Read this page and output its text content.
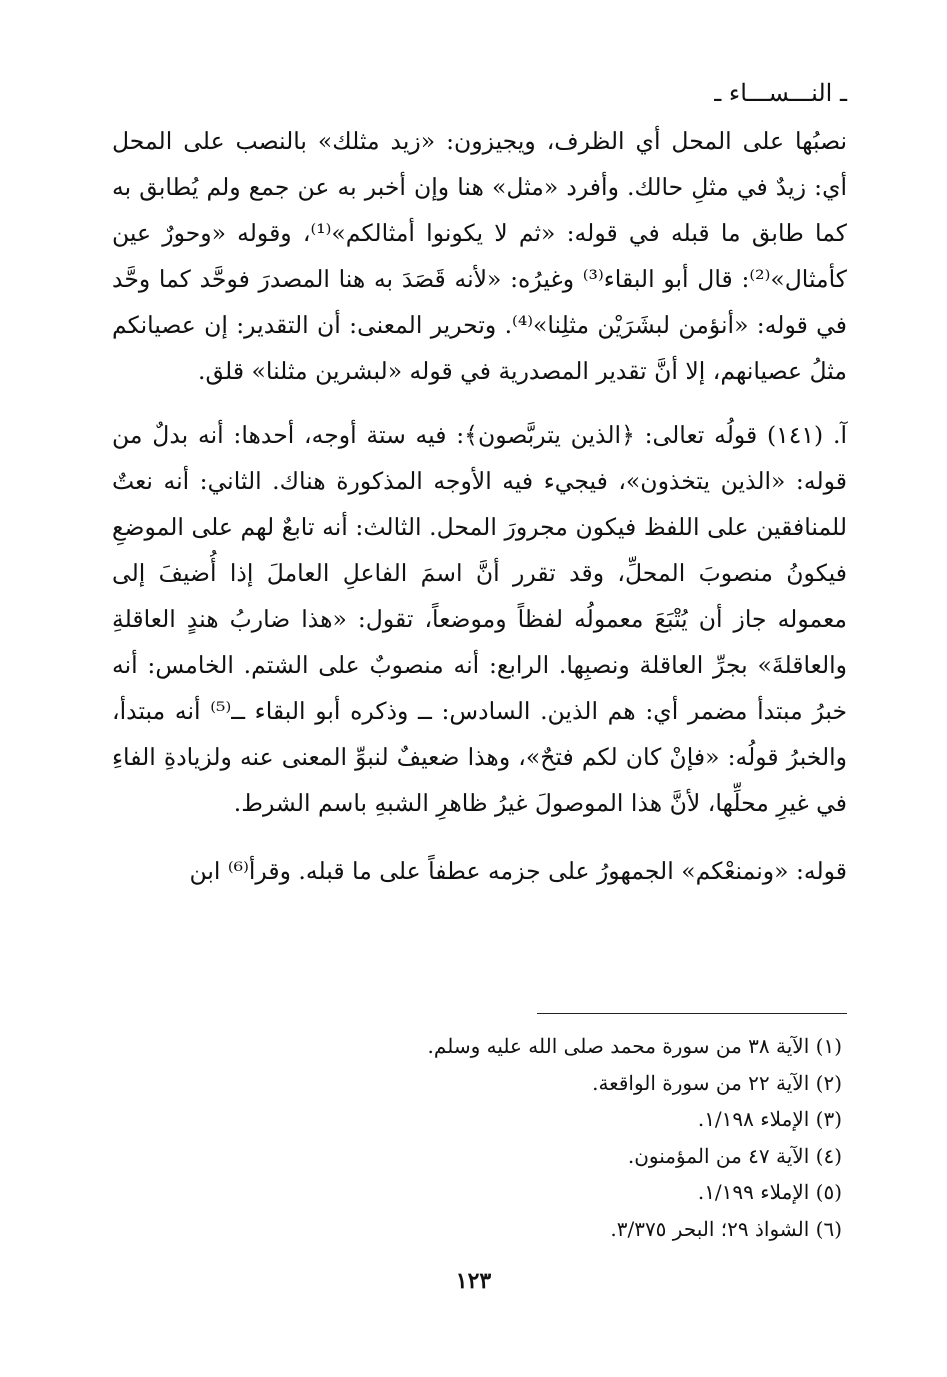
ـ النـــســـاء ـ

نصبُها على المحل أي الظرف، ويجيزون: «زيد مثلك» بالنصب على المحل أي: زيدٌ في مثلِ حالك. وأفرد «مثل» هنا وإن أخبر به عن جمع ولم يُطابق به كما طابق ما قبله في قوله: «ثم لا يكونوا أمثالكم»⁽¹⁾، وقوله «وحورٌ عين كأمثال»⁽²⁾: قال أبو البقاء⁽³⁾ وغيرُه: «لأنه قَصَدَ به هنا المصدرَ فوحَّد كما وحَّد في قوله: «أنؤمن لبشَرَيْن مثلِنا»⁽⁴⁾. وتحرير المعنى: أن التقدير: إن عصيانكم مثلُ عصيانهم، إلا أنَّ تقدير المصدرية في قوله «لبشرين مثلنا» قلق.

آ. (١٤١) قولُه تعالى: ﴿الذين يتربَّصون﴾: فيه ستة أوجه، أحدها: أنه بدلٌ من قوله: «الذين يتخذون»، فيجيء فيه الأوجه المذكورة هناك. الثاني: أنه نعتٌ للمنافقين على اللفظ فيكون مجرورَ المحل. الثالث: أنه تابعٌ لهم على الموضعِ فيكونُ منصوبَ المحلِّ، وقد تقرر أنَّ اسمَ الفاعلِ العاملَ إذا أُضيفَ إلى معموله جاز أن يُتْبَعَ معمولُه لفظاً وموضعاً، تقول: «هذا ضاربُ هندٍ العاقلةِ والعاقلةَ» بجرِّ العاقلة ونصبِها. الرابع: أنه منصوبٌ على الشتم. الخامس: أنه خبرُ مبتدأ مضمر أي: هم الذين. السادس: ــ وذكره أبو البقاء ــ⁽⁵⁾ أنه مبتدأ، والخبرُ قولُه: «فإنْ كان لكم فتحٌ»، وهذا ضعيفٌ لنبوِّ المعنى عنه ولزيادةِ الفاءِ في غيرِ محلِّها، لأنَّ هذا الموصولَ غيرُ ظاهرِ الشبهِ باسم الشرط.

قوله: «ونمنعْكم» الجمهورُ على جزمه عطفاً على ما قبله. وقرأ⁽⁶⁾ ابن

(١) الآية ٣٨ من سورة محمد صلى الله عليه وسلم.
(٢) الآية ٢٢ من سورة الواقعة.
(٣) الإملاء ١/١٩٨.
(٤) الآية ٤٧ من المؤمنون.
(٥) الإملاء ١/١٩٩.
(٦) الشواذ ٢٩؛ البحر ٣/٣٧٥.
١٢٣
